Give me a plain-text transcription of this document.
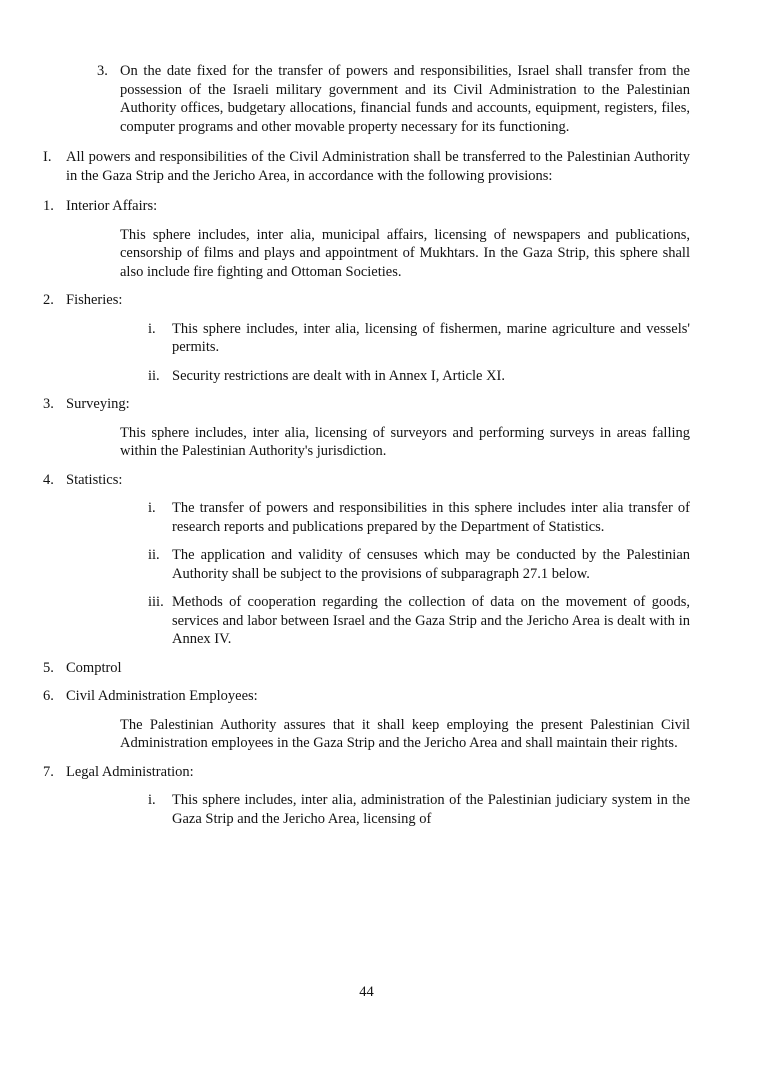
3. On the date fixed for the transfer of powers and responsibilities, Israel shall transfer from the possession of the Israeli military government and its Civil Administration to the Palestinian Authority offices, budgetary allocations, financial funds and accounts, equipment, registers, files, computer programs and other movable property necessary for its functioning.
I.	All powers and responsibilities of the Civil Administration shall be transferred to the Palestinian Authority in the Gaza Strip and the Jericho Area, in accordance with the following provisions:
1. Interior Affairs:
This sphere includes, inter alia, municipal affairs, licensing of newspapers and publications, censorship of films and plays and appointment of Mukhtars. In the Gaza Strip, this sphere shall also include fire fighting and Ottoman Societies.
2. Fisheries:
i.	This sphere includes, inter alia, licensing of fishermen, marine agriculture and vessels' permits.
ii. Security restrictions are dealt with in Annex I, Article XI.
3. Surveying:
This sphere includes, inter alia, licensing of surveyors and performing surveys in areas falling within the Palestinian Authority's jurisdiction.
4. Statistics:
i.	The transfer of powers and responsibilities in this sphere includes inter alia transfer of research reports and publications prepared by the Department of Statistics.
ii. The application and validity of censuses which may be conducted by the Palestinian Authority shall be subject to the provisions of subparagraph 27.1 below.
iii. Methods of cooperation regarding the collection of data on the movement of goods, services and labor between Israel and the Gaza Strip and the Jericho Area is dealt with in Annex IV.
5. Comptrol
6. Civil Administration Employees:
The Palestinian Authority assures that it shall keep employing the present Palestinian Civil Administration employees in the Gaza Strip and the Jericho Area and shall maintain their rights.
7. Legal Administration:
i.	This sphere includes, inter alia, administration of the Palestinian judiciary system in the Gaza Strip and the Jericho Area, licensing of
44
